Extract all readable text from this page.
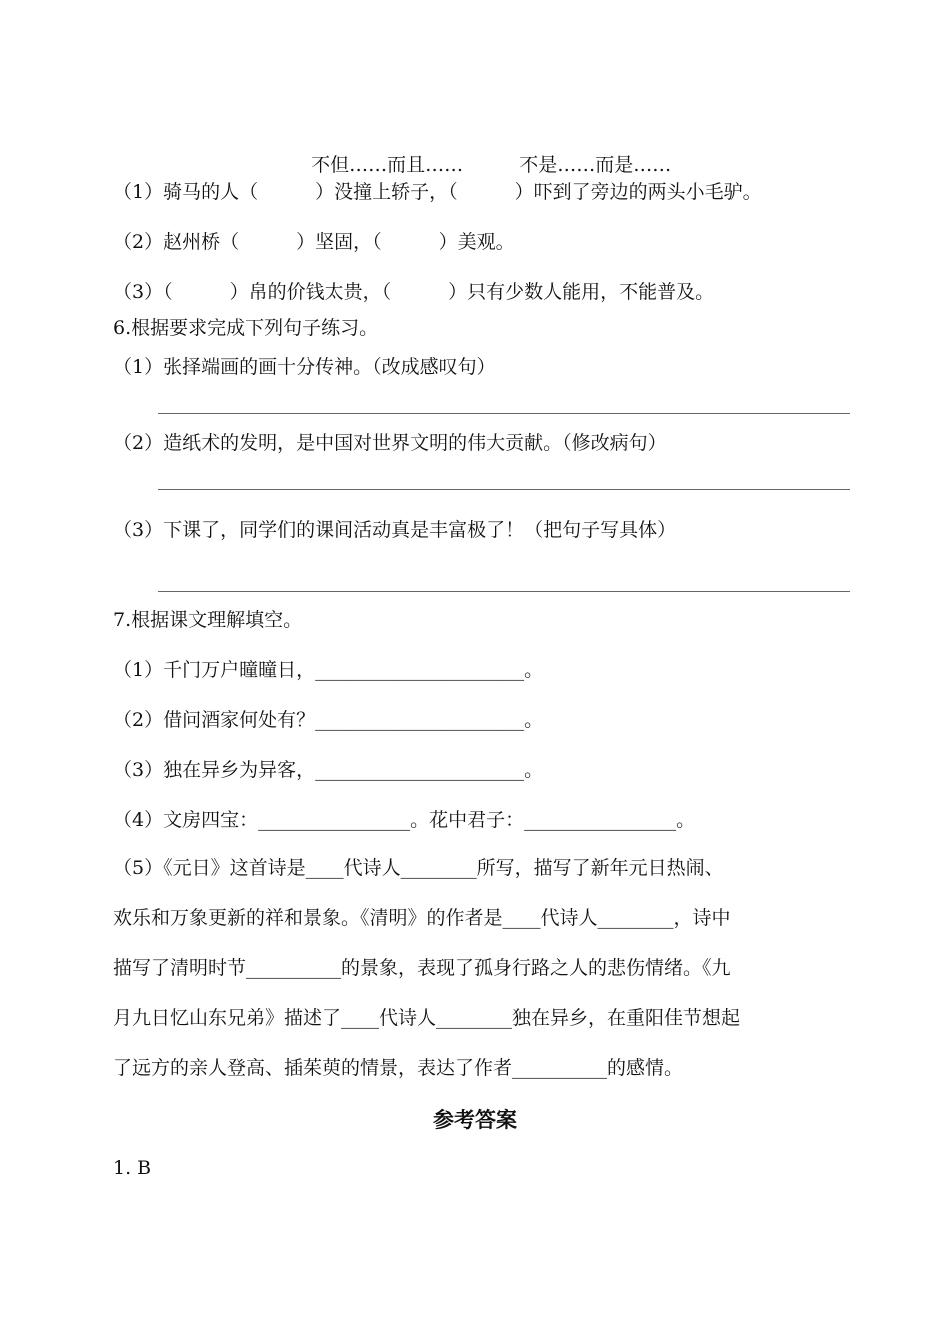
不但……而且……	不是……而是……

（1）骑马的人（　　　）没撞上轿子，（　　　）吓到了旁边的两头小毛驴。
（2）赵州桥（　　　）坚固，（　　　）美观。
（3）（　　　）帛的价钱太贵，（　　　）只有少数人能用，不能普及。
6.根据要求完成下列句子练习。
（1）张择端画的画十分传神。（改成感叹句）
（2）造纸术的发明，是中国对世界文明的伟大贡献。（修改病句）
（3）下课了，同学们的课间活动真是丰富极了！（把句子写具体）
7.根据课文理解填空。
（1）千门万户曈曈日，______________________。
（2）借问酒家何处有？______________________。
（3）独在异乡为异客，______________________。
（4）文房四宝：________________。花中君子：________________。
（5）《元日》这首诗是____代诗人________所写，描写了新年元日热闹、
欢乐和万象更新的祥和景象。《清明》的作者是____代诗人________，诗中
描写了清明时节__________的景象，表现了孤身行路之人的悲伤情绪。《九
月九日忆山东兄弟》描述了____代诗人________独在异乡，在重阳佳节想起
了远方的亲人登高、插茱萸的情景，表达了作者__________的感情。
参考答案
1. B
